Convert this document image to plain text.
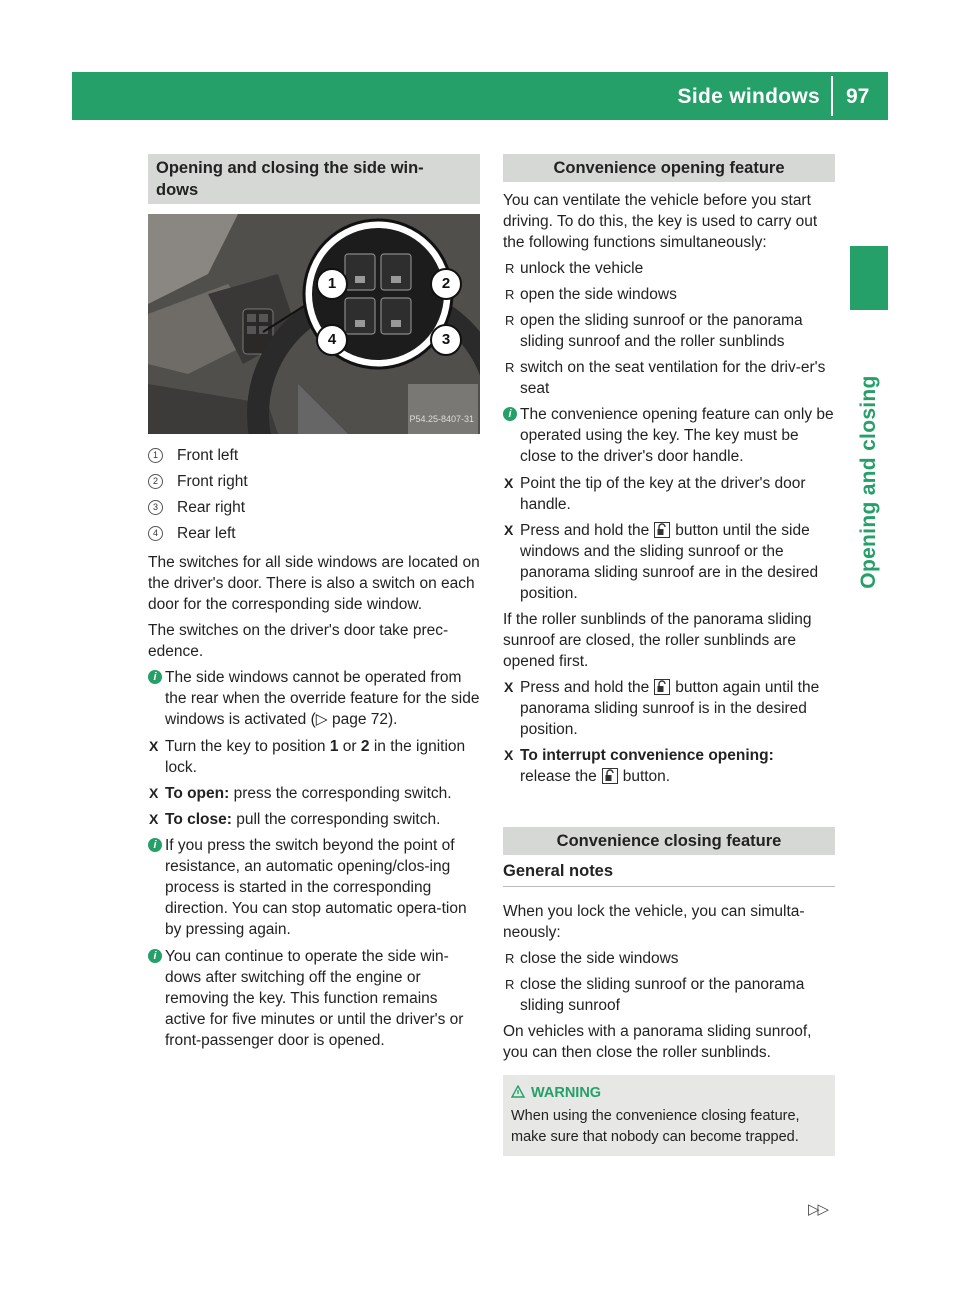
Side windows 97
Opening and closing
Opening and closing the side win-
dows
1	2
3
4
P54.25-8407-31
1	Front left
2	Front right
3	Rear right
4	Rear left

The switches for all side windows are located on the driver's door. There is also a switch on each door for the corresponding side window.

The switches on the driver's door take prec-edence.

i The side windows cannot be operated from the rear when the override feature for the side windows is activated (▷ page 72).
X Turn the key to position 1 or 2 in the ignition lock.
X To open: press the corresponding switch.
X To close: pull the corresponding switch.
i If you press the switch beyond the point of resistance, an automatic opening/clos-ing process is started in the corresponding direction. You can stop automatic opera-tion by pressing again.
i You can continue to operate the side win-dows after switching off the engine or removing the key. This function remains active for five minutes or until the driver's or front-passenger door is opened.
Convenience opening feature

You can ventilate the vehicle before you start driving. To do this, the key is used to carry out the following functions simultaneously:

R unlock the vehicle
R open the side windows
R open the sliding sunroof or the panorama sliding sunroof and the roller sunblinds
R switch on the seat ventilation for the driv-er's seat
i The convenience opening feature can only be operated using the key. The key must be close to the driver's door handle.
X Point the tip of the key at the driver's door handle.
X Press and hold the button until the side windows and the sliding sunroof or the panorama sliding sunroof are in the desired position.

If the roller sunblinds of the panorama sliding sunroof are closed, the roller sunblinds are opened first.

X Press and hold the button again until the panorama sliding sunroof is in the desired position.
X To interrupt convenience opening:
release the button.
Convenience closing feature
General notes

When you lock the vehicle, you can simulta-neously:

R close the side windows
R close the sliding sunroof or the panorama sliding sunroof

On vehicles with a panorama sliding sunroof, you can then close the roller sunblinds.

WARNING
When using the convenience closing feature, make sure that nobody can become trapped.
▷▷
